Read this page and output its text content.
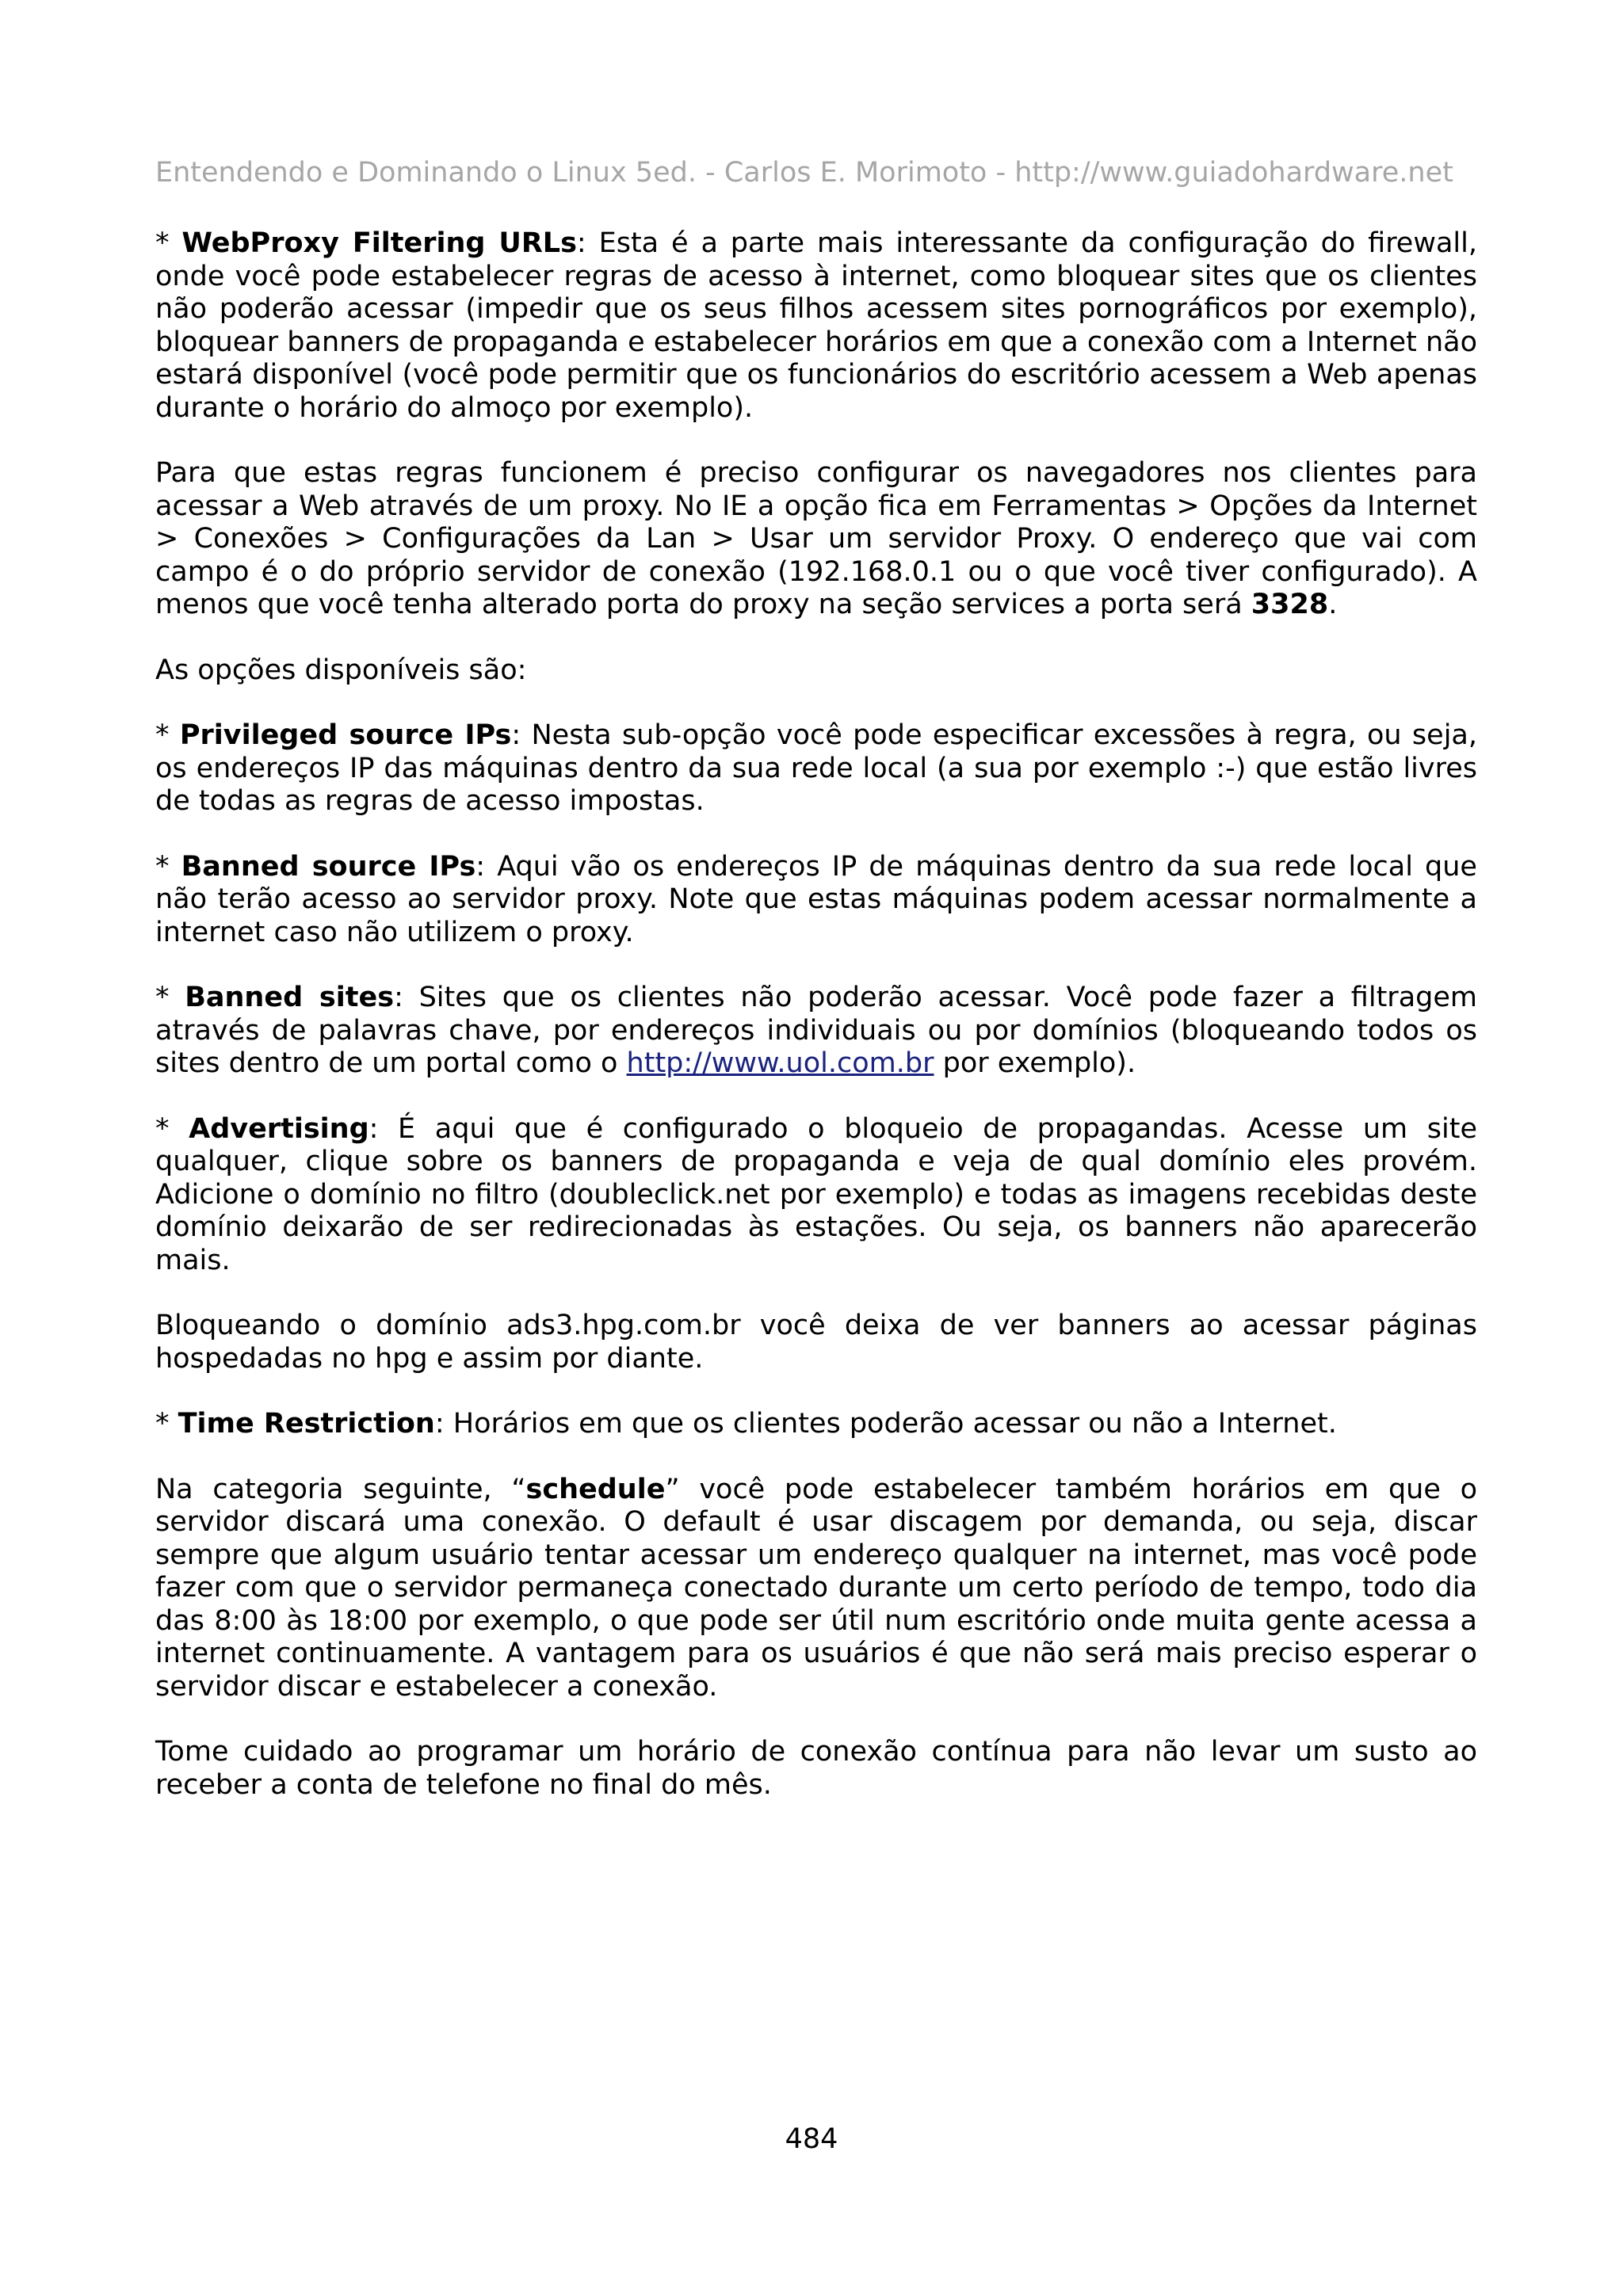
Entendendo e Dominando o Linux 5ed. - Carlos E. Morimoto - http://www.guiadohardware.net

* WebProxy Filtering URLs: Esta é a parte mais interessante da configuração do firewall, onde você pode estabelecer regras de acesso à internet, como bloquear sites que os clientes não poderão acessar (impedir que os seus filhos acessem sites pornográficos por exemplo), bloquear banners de propaganda e estabelecer horários em que a conexão com a Internet não estará disponível (você pode permitir que os funcionários do escritório acessem a Web apenas durante o horário do almoço por exemplo).

Para que estas regras funcionem é preciso configurar os navegadores nos clientes para acessar a Web através de um proxy. No IE a opção fica em Ferramentas > Opções da Internet > Conexões > Configurações da Lan > Usar um servidor Proxy. O endereço que vai com campo é o do próprio servidor de conexão (192.168.0.1 ou o que você tiver configurado). A menos que você tenha alterado porta do proxy na seção services a porta será 3328.

As opções disponíveis são:

* Privileged source IPs: Nesta sub-opção você pode especificar excessões à regra, ou seja, os endereços IP das máquinas dentro da sua rede local (a sua por exemplo :-) que estão livres de todas as regras de acesso impostas.

* Banned source IPs: Aqui vão os endereços IP de máquinas dentro da sua rede local que não terão acesso ao servidor proxy. Note que estas máquinas podem acessar normalmente a internet caso não utilizem o proxy.

* Banned sites: Sites que os clientes não poderão acessar. Você pode fazer a filtragem através de palavras chave, por endereços individuais ou por domínios (bloqueando todos os sites dentro de um portal como o http://www.uol.com.br por exemplo).

* Advertising: É aqui que é configurado o bloqueio de propagandas. Acesse um site qualquer, clique sobre os banners de propaganda e veja de qual domínio eles provém. Adicione o domínio no filtro (doubleclick.net por exemplo) e todas as imagens recebidas deste domínio deixarão de ser redirecionadas às estações. Ou seja, os banners não aparecerão mais.

Bloqueando o domínio ads3.hpg.com.br você deixa de ver banners ao acessar páginas hospedadas no hpg e assim por diante.

* Time Restriction: Horários em que os clientes poderão acessar ou não a Internet.

Na categoria seguinte, “schedule” você pode estabelecer também horários em que o servidor discará uma conexão. O default é usar discagem por demanda, ou seja, discar sempre que algum usuário tentar acessar um endereço qualquer na internet, mas você pode fazer com que o servidor permaneça conectado durante um certo período de tempo, todo dia das 8:00 às 18:00 por exemplo, o que pode ser útil num escritório onde muita gente acessa a internet continuamente. A vantagem para os usuários é que não será mais preciso esperar o servidor discar e estabelecer a conexão.

Tome cuidado ao programar um horário de conexão contínua para não levar um susto ao receber a conta de telefone no final do mês.

484
